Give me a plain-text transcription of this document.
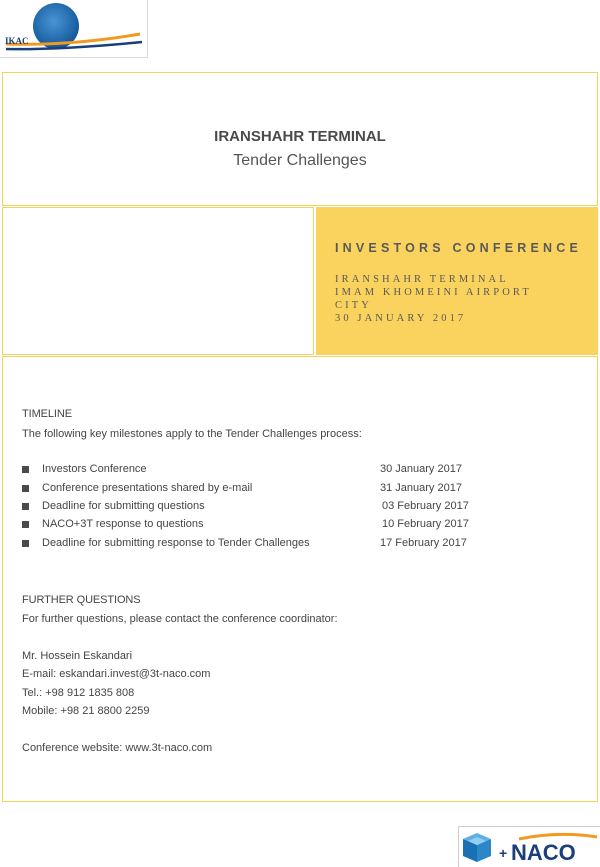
IKAC
IRANSHAHR TERMINAL
Tender Challenges
INVESTORS CONFERENCE
IRANSHAHR TERMINAL
IMAM KHOMEINI AIRPORT
CITY
30 JANUARY 2017
TIMELINE
The following key milestones apply to the Tender Challenges process:
Investors Conference	30 January 2017
Conference presentations shared by e-mail	31 January 2017
Deadline for submitting questions	03 February 2017
NACO+3T response to questions	10 February 2017
Deadline for submitting response to Tender Challenges	17 February 2017
FURTHER QUESTIONS
For further questions, please contact the conference coordinator:
Mr. Hossein Eskandari
E-mail: eskandari.invest@3t-naco.com
Tel.: +98 912 1835 808
Mobile: +98 21 8800 2259
Conference website: www.3t-naco.com
+ NACO
